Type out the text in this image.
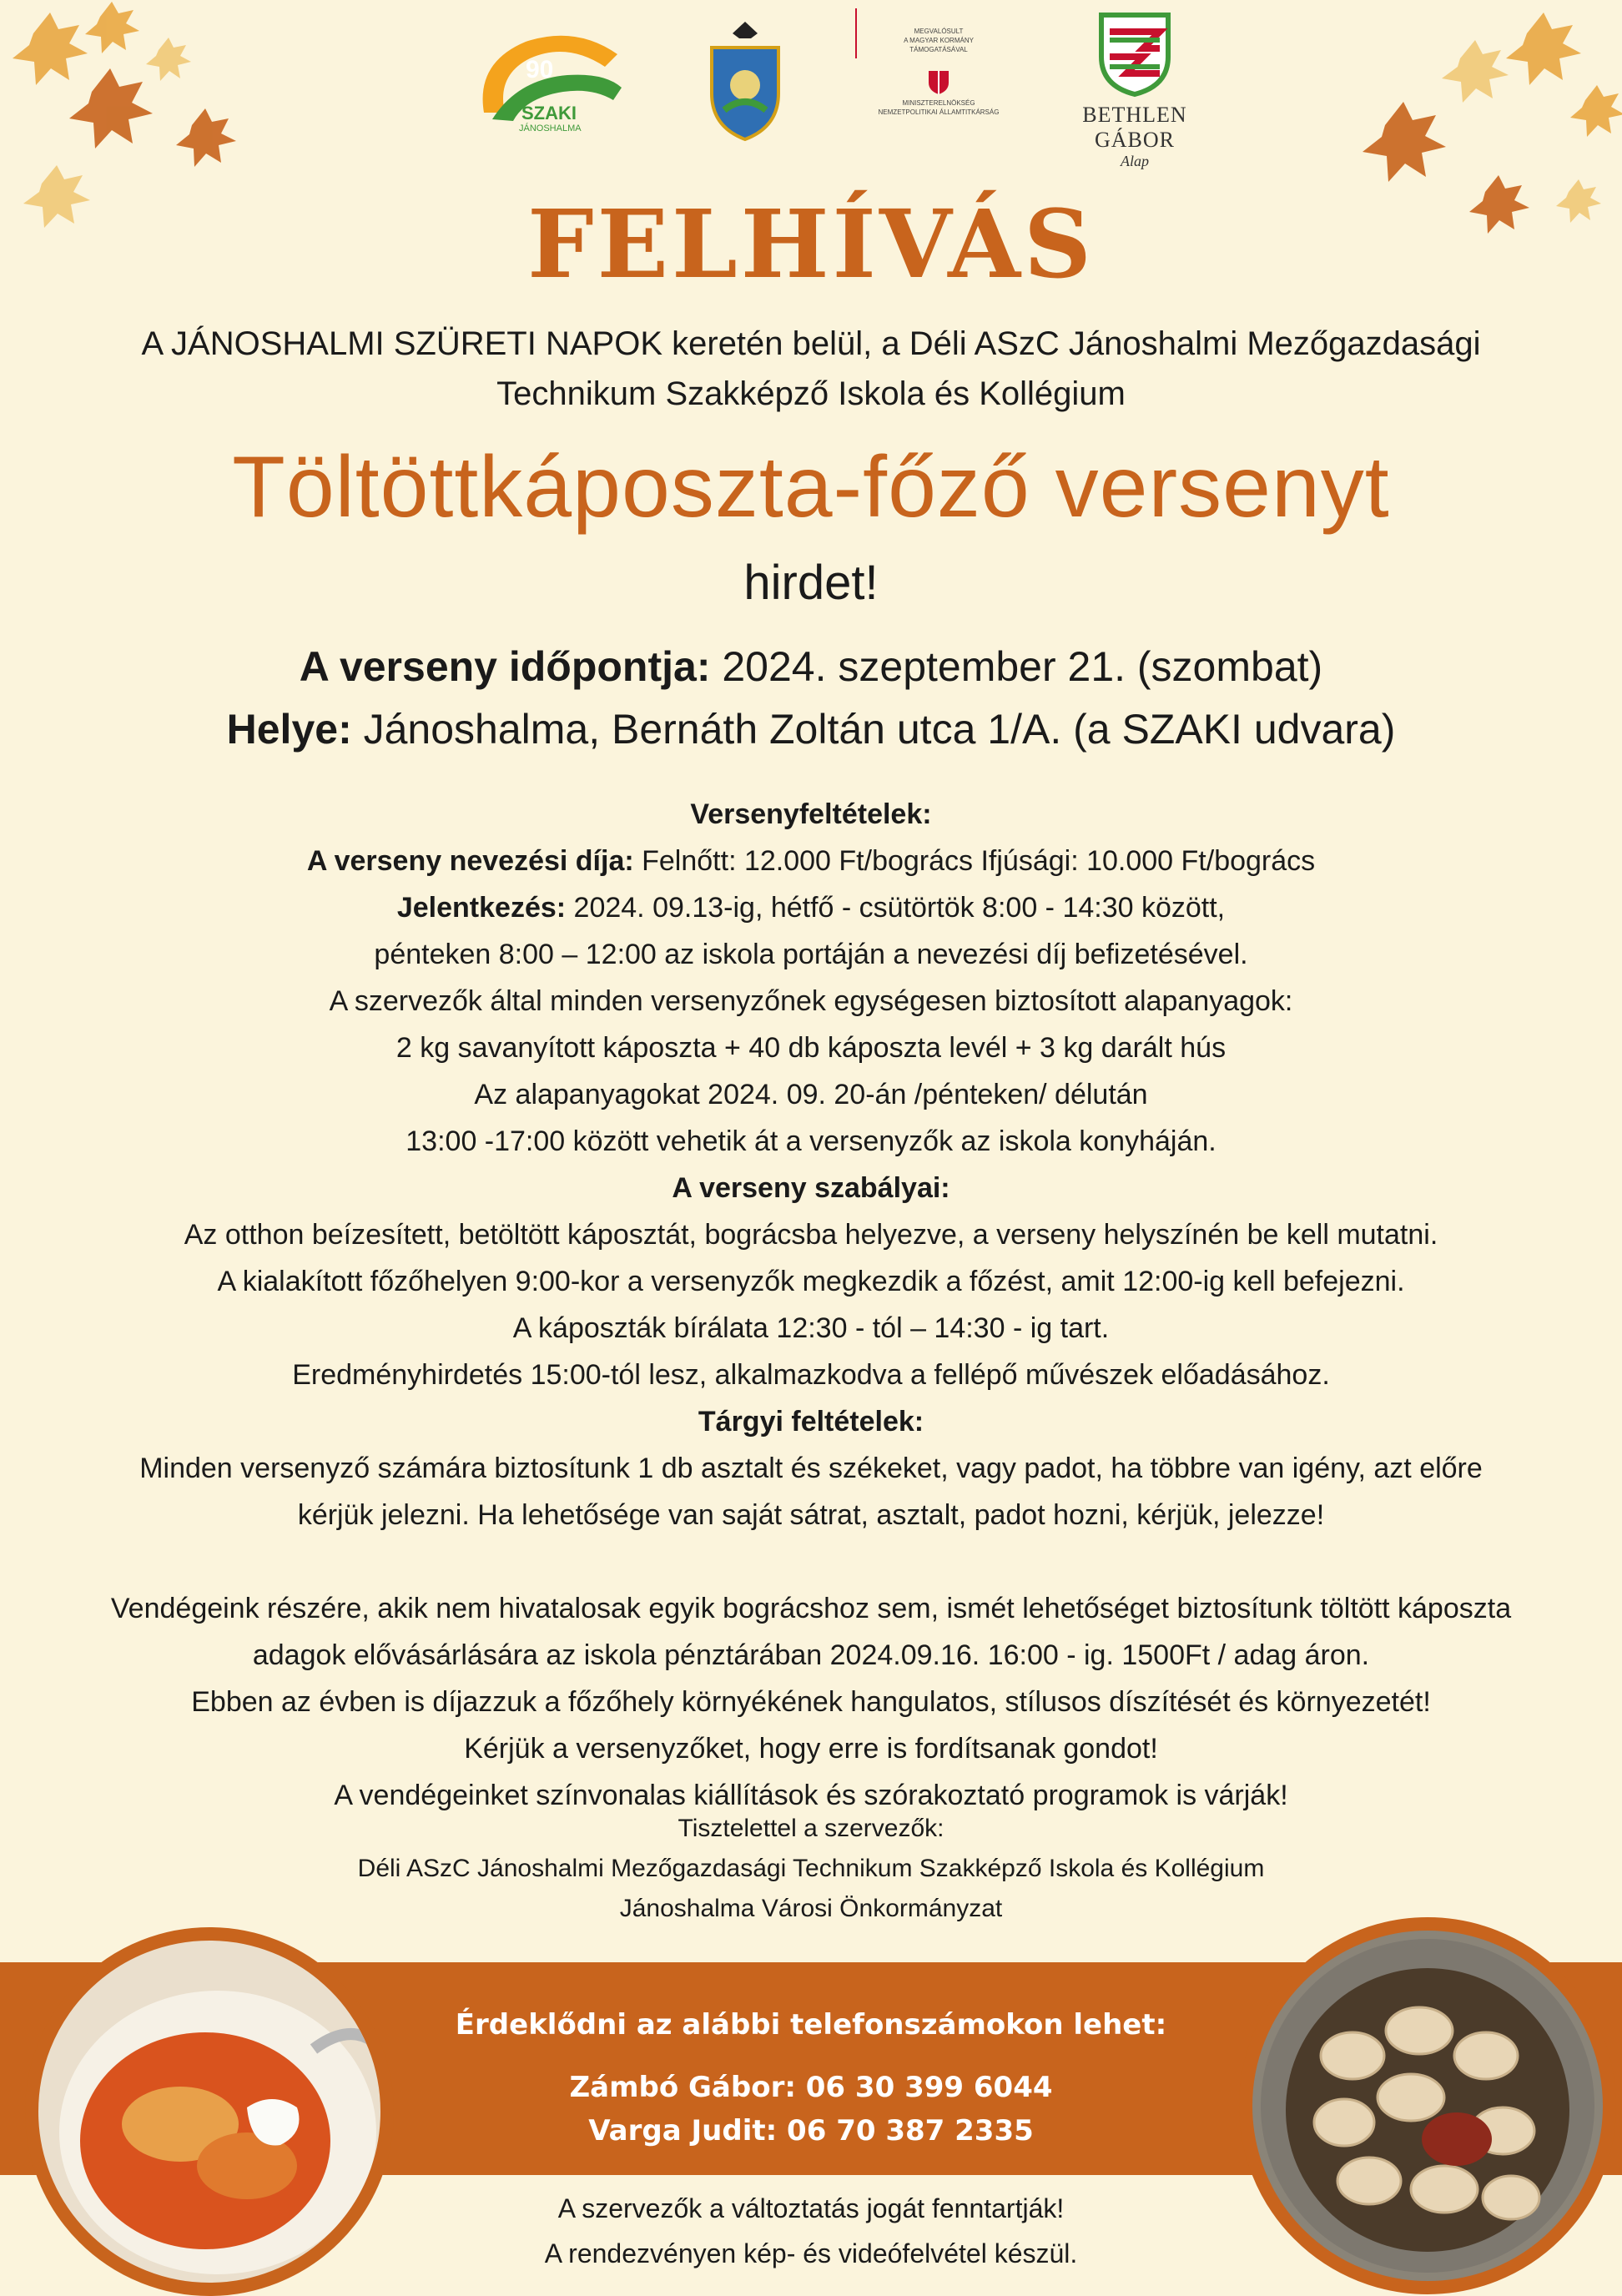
90
SZAKI
JÁNOSHALMA
MEGVALÓSULT
A MAGYAR KORMÁNY
TÁMOGATÁSÁVAL
MINISZTERELNÖKSÉG
NEMZETPOLITIKAI ÁLLAMTITKÁRSÁG	BETHLEN GÁBOR
Alap
FELHÍVÁS
A JÁNOSHALMI SZÜRETI NAPOK keretén belül, a Déli ASzC Jánoshalmi Mezőgazdasági
Technikum Szakképző Iskola és Kollégium
Töltöttkáposzta-főző versenyt
hirdet!
A verseny időpontja: 2024. szeptember 21. (szombat)
Helye: Jánoshalma, Bernáth Zoltán utca 1/A. (a SZAKI udvara)
Versenyfeltételek:
A verseny nevezési díja: Felnőtt: 12.000 Ft/bogrács Ifjúsági: 10.000 Ft/bogrács
Jelentkezés: 2024. 09.13-ig, hétfő - csütörtök 8:00 - 14:30 között,
pénteken 8:00 – 12:00 az iskola portáján a nevezési díj befizetésével.
A szervezők által minden versenyzőnek egységesen biztosított alapanyagok:
2 kg savanyított káposzta + 40 db káposzta levél + 3 kg darált hús
Az alapanyagokat 2024. 09. 20-án /pénteken/ délután
13:00 -17:00 között vehetik át a versenyzők az iskola konyháján.
A verseny szabályai:
Az otthon beízesített, betöltött káposztát, bográcsba helyezve, a verseny helyszínén be kell mutatni.
A kialakított főzőhelyen 9:00-kor a versenyzők megkezdik a főzést, amit 12:00-ig kell befejezni.
A káposzták bírálata 12:30 - tól – 14:30 - ig tart.
Eredményhirdetés 15:00-tól lesz, alkalmazkodva a fellépő művészek előadásához.
Tárgyi feltételek:
Minden versenyző számára biztosítunk 1 db asztalt és székeket, vagy padot, ha többre van igény, azt előre
kérjük jelezni. Ha lehetősége van saját sátrat, asztalt, padot hozni, kérjük, jelezze!
Vendégeink részére, akik nem hivatalosak egyik bográcshoz sem, ismét lehetőséget biztosítunk töltött káposzta
adagok elővásárlására az iskola pénztárában 2024.09.16. 16:00 - ig. 1500Ft / adag áron.
Ebben az évben is díjazzuk a főzőhely környékének hangulatos, stílusos díszítését és környezetét!
Kérjük a versenyzőket, hogy erre is fordítsanak gondot!
A vendégeinket színvonalas kiállítások és szórakoztató programok is várják!
Tisztelettel a szervezők:
Déli ASzC Jánoshalmi Mezőgazdasági Technikum Szakképző Iskola és Kollégium
Jánoshalma Városi Önkormányzat
Érdeklődni az alábbi telefonszámokon lehet:
Zámbó Gábor: 06 30 399 6044
Varga Judit: 06 70 387 2335
A szervezők a változtatás jogát fenntartják!
A rendezvényen kép- és videófelvétel készül.
